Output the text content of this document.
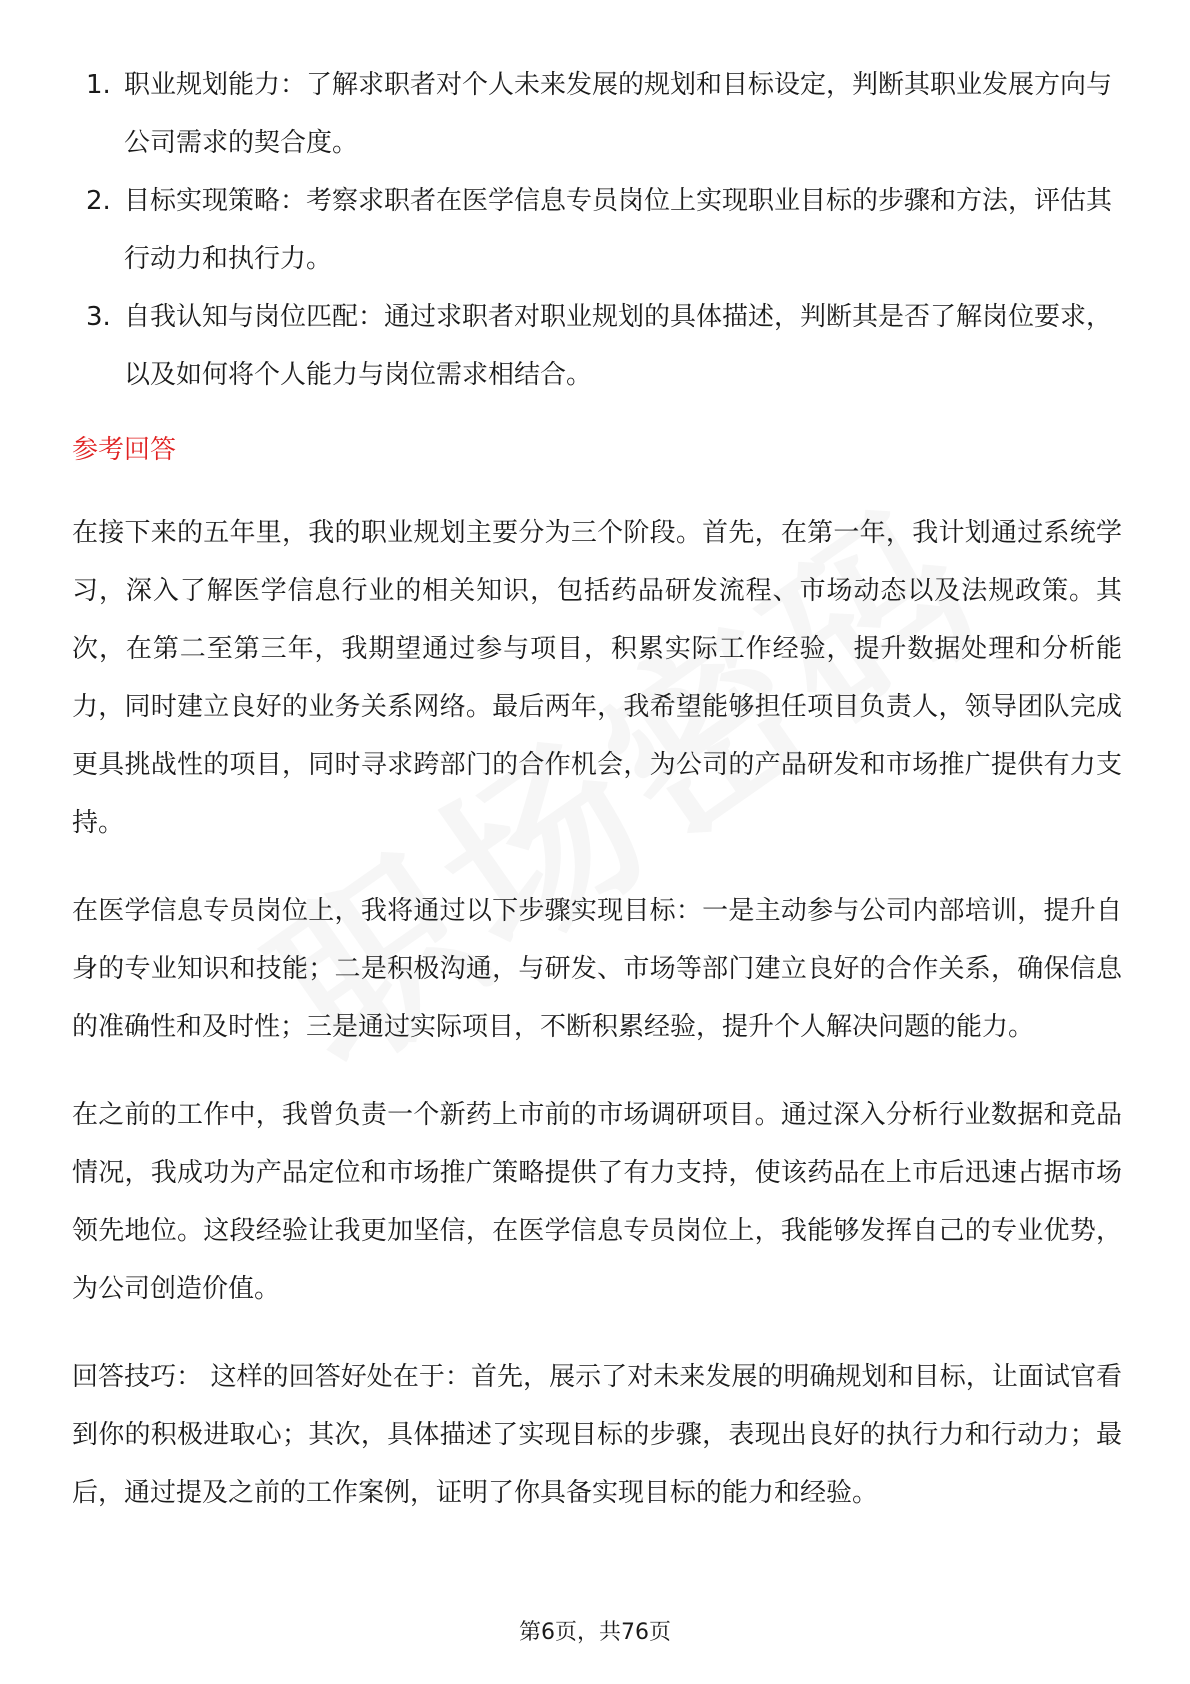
1. 职业规划能力：了解求职者对个人未来发展的规划和目标设定，判断其职业发展方向与公司需求的契合度。
2. 目标实现策略：考察求职者在医学信息专员岗位上实现职业目标的步骤和方法，评估其行动力和执行力。
3. 自我认知与岗位匹配：通过求职者对职业规划的具体描述，判断其是否了解岗位要求，以及如何将个人能力与岗位需求相结合。
参考回答

在接下来的五年里，我的职业规划主要分为三个阶段。首先，在第一年，我计划通过系统学习，深入了解医学信息行业的相关知识，包括药品研发流程、市场动态以及法规政策。其次，在第二至第三年，我期望通过参与项目，积累实际工作经验，提升数据处理和分析能力，同时建立良好的业务关系网络。最后两年，我希望能够担任项目负责人，领导团队完成更具挑战性的项目，同时寻求跨部门的合作机会，为公司的产品研发和市场推广提供有力支持。

在医学信息专员岗位上，我将通过以下步骤实现目标：一是主动参与公司内部培训，提升自身的专业知识和技能；二是积极沟通，与研发、市场等部门建立良好的合作关系，确保信息的准确性和及时性；三是通过实际项目，不断积累经验，提升个人解决问题的能力。

在之前的工作中，我曾负责一个新药上市前的市场调研项目。通过深入分析行业数据和竞品情况，我成功为产品定位和市场推广策略提供了有力支持，使该药品在上市后迅速占据市场领先地位。这段经验让我更加坚信，在医学信息专员岗位上，我能够发挥自己的专业优势，为公司创造价值。

回答技巧： 这样的回答好处在于：首先，展示了对未来发展的明确规划和目标，让面试官看到你的积极进取心；其次，具体描述了实现目标的步骤，表现出良好的执行力和行动力；最后，通过提及之前的工作案例，证明了你具备实现目标的能力和经验。

第6页，共76页
